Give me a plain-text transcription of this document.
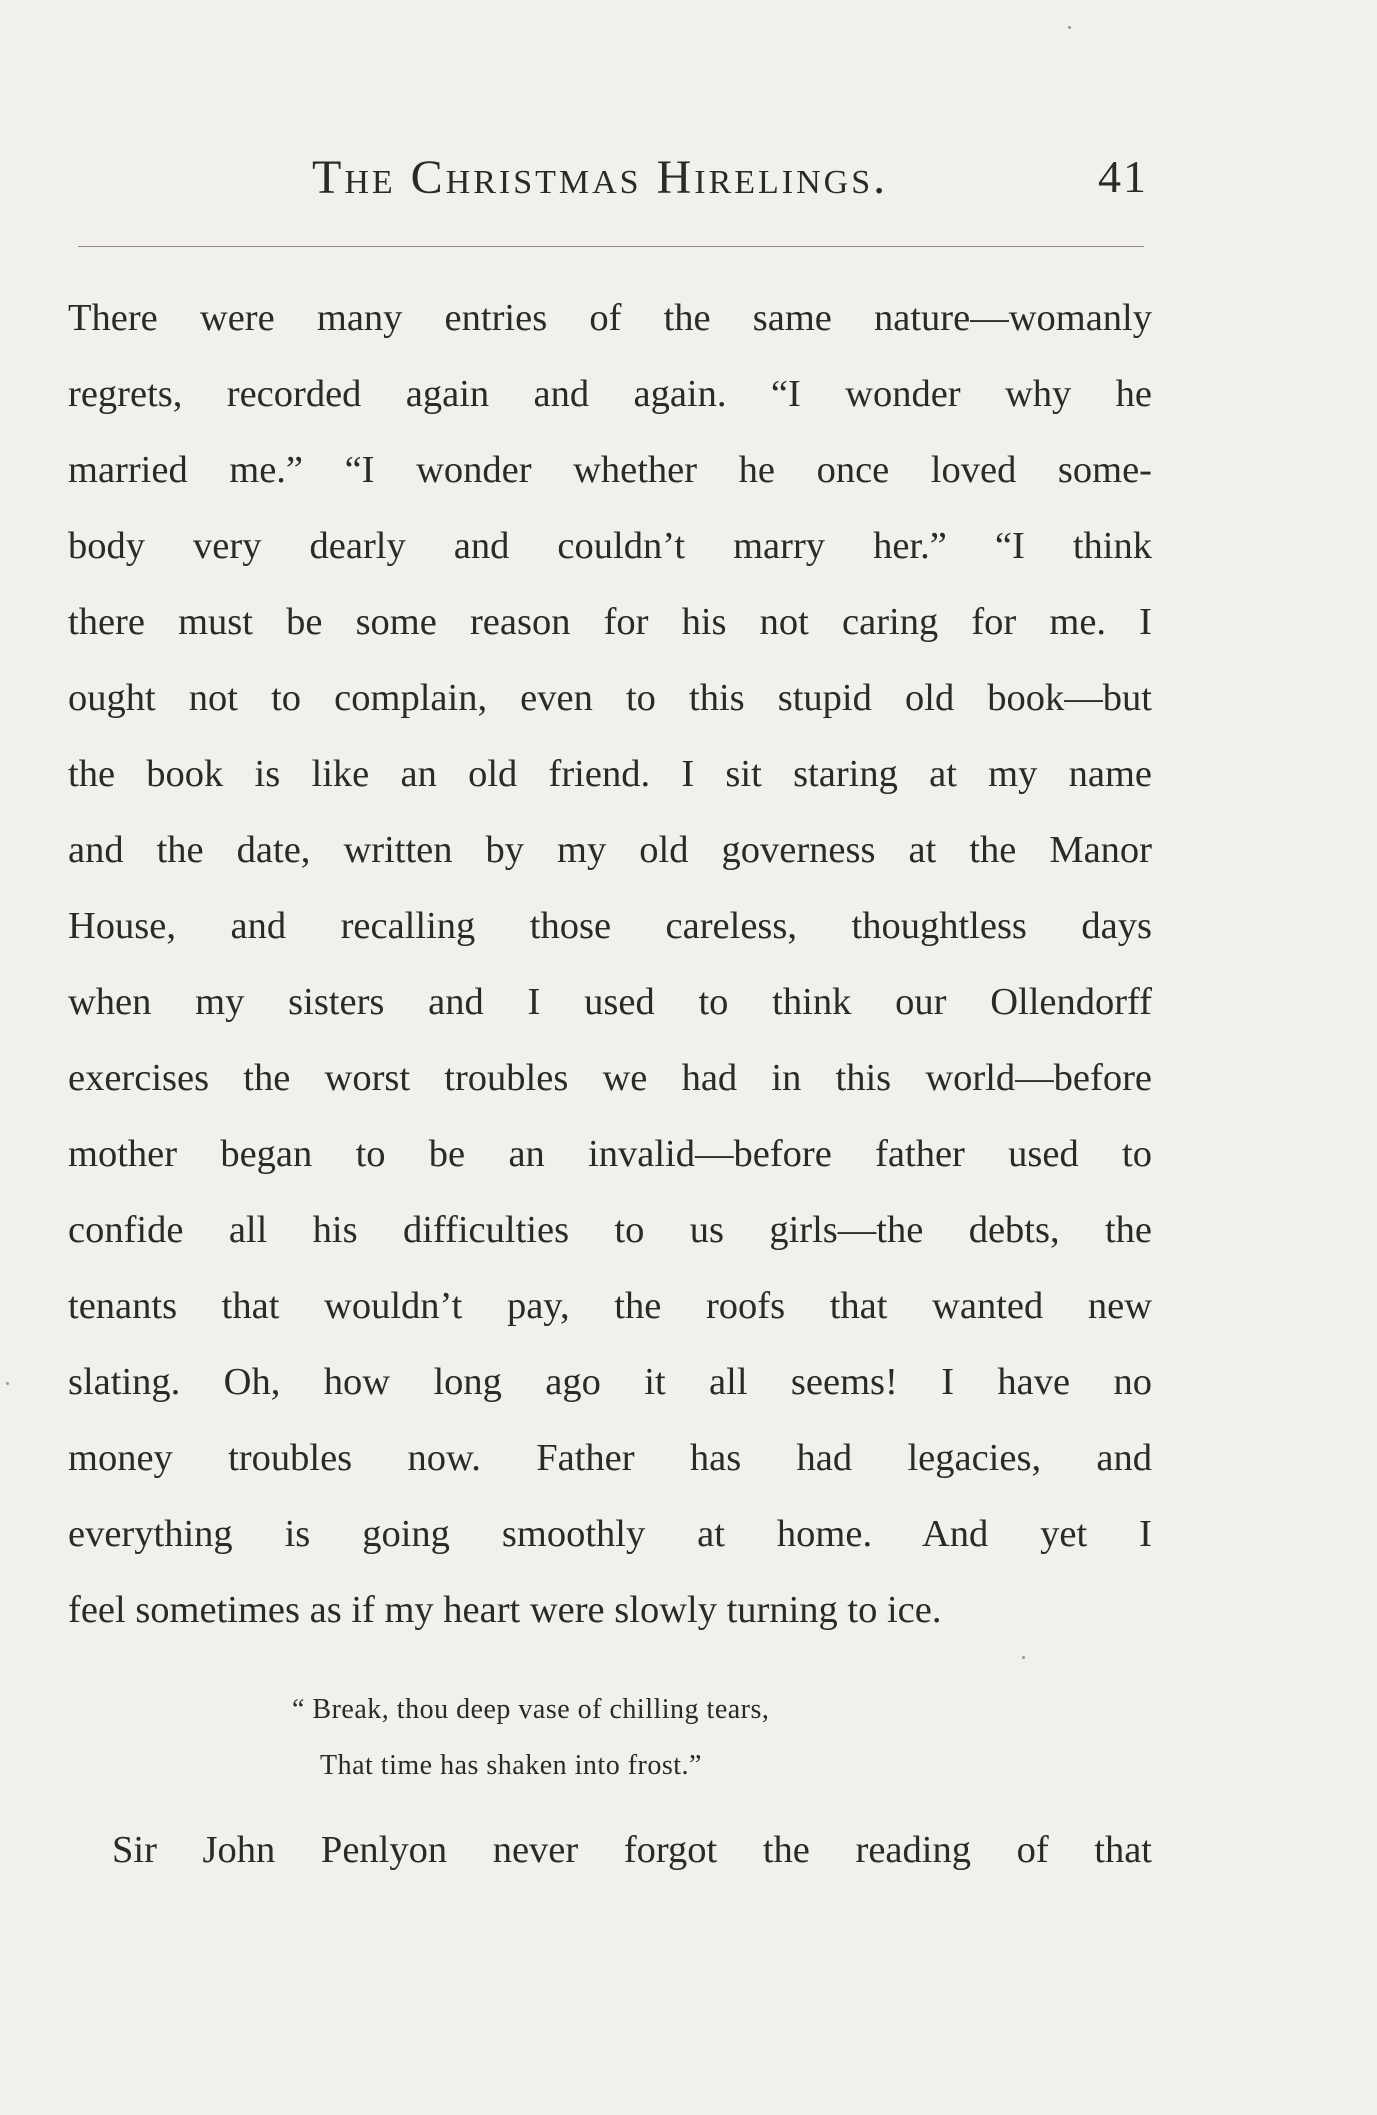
The Christmas Hirelings.	41
There were many entries of the same nature—womanly
regrets, recorded again and again. “I wonder why he
married me.” “I wonder whether he once loved some-
body very dearly and couldn’t marry her.” “I think
there must be some reason for his not caring for me. I
ought not to complain, even to this stupid old book—but
the book is like an old friend. I sit staring at my name
and the date, written by my old governess at the Manor
House, and recalling those careless, thoughtless days
when my sisters and I used to think our Ollendorff
exercises the worst troubles we had in this world—before
mother began to be an invalid—before father used to
confide all his difficulties to us girls—the debts, the
tenants that wouldn’t pay, the roofs that wanted new
slating. Oh, how long ago it all seems! I have no
money troubles now. Father has had legacies, and
everything is going smoothly at home. And yet I
feel sometimes as if my heart were slowly turning to ice.
“ Break, thou deep vase of chilling tears,
That time has shaken into frost.”
Sir John Penlyon never forgot the reading of that
